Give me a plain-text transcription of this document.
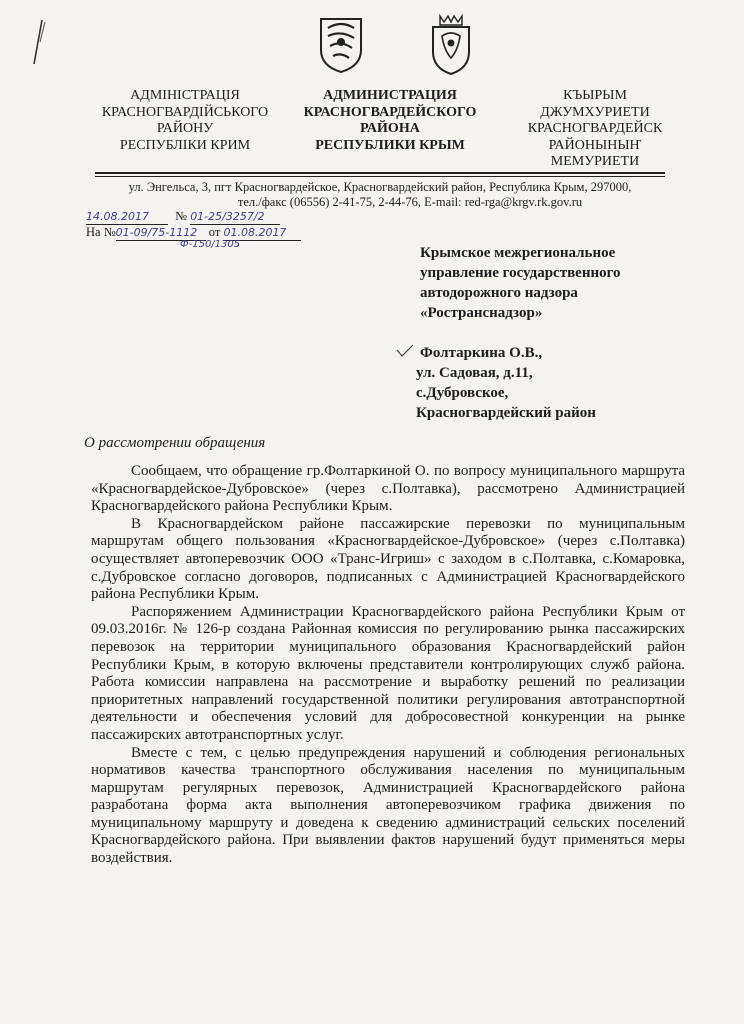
АДМІНІСТРАЦІЯ
КРАСНОГВАРДІЙСЬКОГО
РАЙОНУ
РЕСПУБЛІКИ КРИМ
АДМИНИСТРАЦИЯ
КРАСНОГВАРДЕЙСКОГО
РАЙОНА
РЕСПУБЛИКИ КРЫМ
КЪЫРЫМ
ДЖУМХУРИЕТИ
КРАСНОГВАРДЕЙСК
РАЙОНЫНЫҤ
МЕМУРИЕТИ
ул. Энгельса, 3, пгт Красногвардейское, Красногвардейский район, Республика Крым, 297000,
тел./факс (06556) 2-41-75, 2-44-76, E-mail: red-rga@krgv.rk.gov.ru
14.08.2017 № 01-25/3257/2
На №01-09/75-1112 от 01.08.2017
Ф-150/1305
Крымское межрегиональное
управление государственного
автодорожного надзора
«Ространснадзор»
Фолтаркина О.В.,
ул. Садовая, д.11,
с.Дубровское,
Красногвардейский район
О рассмотрении обращения

Сообщаем, что обращение гр.Фолтаркиной О. по вопросу муниципального маршрута «Красногвардейское-Дубровское» (через с.Полтавка), рассмотрено Администрацией Красногвардейского района Республики Крым.

В Красногвардейском районе пассажирские перевозки по муниципальным маршрутам общего пользования «Красногвардейское-Дубровское» (через с.Полтавка) осуществляет автоперевозчик ООО «Транс-Игриш» с заходом в с.Полтавка, с.Комаровка, с.Дубровское согласно договоров, подписанных с Администрацией Красногвардейского района Республики Крым.

Распоряжением Администрации Красногвардейского района Республики Крым от 09.03.2016г. № 126-р создана Районная комиссия по регулированию рынка пассажирских перевозок на территории муниципального образования Красногвардейский район Республики Крым, в которую включены представители контролирующих служб района. Работа комиссии направлена на рассмотрение и выработку решений по реализации приоритетных направлений государственной политики регулирования автотранспортной деятельности и обеспечения условий для добросовестной конкуренции на рынке пассажирских автотранспортных услуг.

Вместе с тем, с целью предупреждения нарушений и соблюдения региональных нормативов качества транспортного обслуживания населения по муниципальным маршрутам регулярных перевозок, Администрацией Красногвардейского района разработана форма акта выполнения автоперевозчиком графика движения по муниципальному маршруту и доведена к сведению администраций сельских поселений Красногвардейского района. При выявлении фактов нарушений будут применяться меры воздействия.
